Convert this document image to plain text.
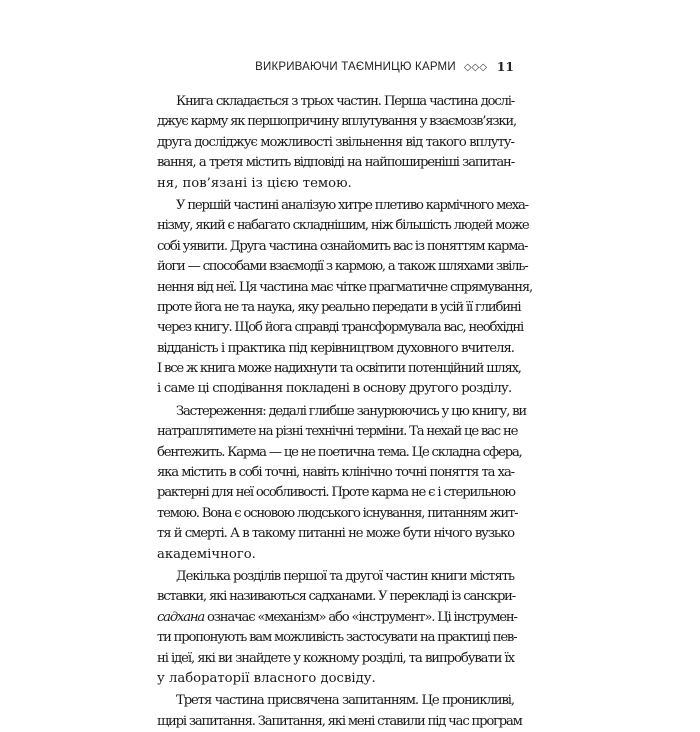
ВИКРИВАЮЧИ ТАЄМНИЦЮ КАРМИ ◇◇◇ 11

Книга складається з трьох частин. Перша частина дослі-
джує карму як першопричину вплутування у взаємозв’язки,
друга досліджує можливості звільнення від такого вплуту-
вання, а третя містить відповіді на найпоширеніші запитан-
ня, пов’язані із цією темою.

У першій частині аналізую хитре плетиво кармічного меха-
нізму, який є набагато складнішим, ніж більшість людей може
собі уявити. Друга частина ознайомить вас із поняттям карма-
йоги — способами взаємодії з кармою, а також шляхами звіль-
нення від неї. Ця частина має чітке прагматичне спрямування,
проте йога не та наука, яку реально передати в усій її глибині
через книгу. Щоб йога справді трансформувала вас, необхідні
відданість і практика під керівництвом духовного вчителя.
І все ж книга може надихнути та освітити потенційний шлях,
і саме ці сподівання покладені в основу другого розділу.

Застереження: дедалі глибше занурюючись у цю книгу, ви
натраплятимете на різні технічні терміни. Та нехай це вас не
бентежить. Карма — це не поетична тема. Це складна сфера,
яка містить в собі точні, навіть клінічно точні поняття та ха-
рактерні для неї особливості. Проте карма не є і стерильною
темою. Вона є основою людського існування, питанням жит-
тя й смерті. А в такому питанні не може бути нічого вузько
академічного.

Декілька розділів першої та другої частин книги містять
вставки, які називаються садханами. У перекладі із санскри-
садхана означає «механізм» або «інструмент». Ці інструмен-
ти пропонують вам можливість застосувати на практиці пев-
ні ідеї, які ви знайдете у кожному розділі, та випробувати їх
у лабораторії власного досвіду.

Третя частина присвячена запитанням. Це проникливі,
щирі запитання. Запитання, які мені ставили під час програм
